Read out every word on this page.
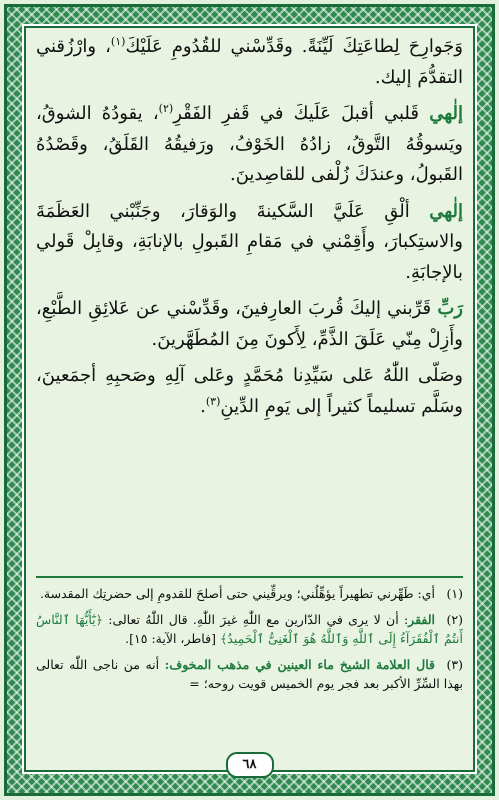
وَجَوارِحَ لِطاعَتِكَ لَيِّنَةً. وقَدِّسْني للقُدُومِ عَلَيْكَ$^{(١)}$، وارْزُقني التقدُّمَ إليك.

إلٰهي قَلبي أقبلَ عَلَيكَ في قَفرِ الفَقْرِ$^{(٢)}$، يقودُهُ الشوقُ، ويَسوقُهُ التَّوقُ، زادُهُ الخَوْفُ، ورَفيقُهُ القَلَقُ، وقَصْدُهُ القَبولُ، وعندَكَ زُلْفى للقاصِدينَ.

إلٰهي ألْقِ عَلَيَّ السَّكينةَ والوَقارَ، وجَنِّبْني العَظَمَةَ والاستِكبارَ، وأَقِمْني في مَقامِ القَبولِ بالإنابَةِ، وقابِلْ قَولي بالإجابَةِ.

رَبِّ قَرِّبني إليكَ قُربَ العارِفينَ، وقَدِّسْني عن عَلائِقِ الطَّبْعِ، وأَزِلْ مِنّي عَلَقَ الذَّمِّ، لِأَكونَ مِنَ المُطَهَّرينَ.

وصَلّى اللّٰهُ عَلى سَيِّدِنا مُحَمَّدٍ وعَلى آلِهِ وصَحبِهِ أجمَعينَ، وسَلَّم تسليماً كثيراً إلى يَومِ الدِّينِ$^{(٣)}$.

(١)أي: طَهِّرني تطهيراً يؤهِّلُني؛ ويرقِّيني حتى أصلحَ للقدومِ إلى حضرتِك المقدسة.

(٢)الفقر: أن لا يرى في الدّارين مع اللّٰهِ غيرَ اللّٰهِ. قال اللّٰهُ تعالى: ﴿يَٰٓأَيُّهَا ٱلنَّاسُ أَنتُمُ ٱلْفُقَرَآءُ إِلَى ٱللَّهِ وَٱللَّهُ هُوَ ٱلْغَنِىُّ ٱلْحَمِيدُ﴾ [فاطر، الآية: ١٥].

(٣)قال العلامة الشيخ ماء العينين في مذهب المخوف: أنه من ناجى اللّٰه تعالى بهذا السِّرِّ الأكبر بعد فجر يوم الخميس قويت روحه؛ =

٦٨
